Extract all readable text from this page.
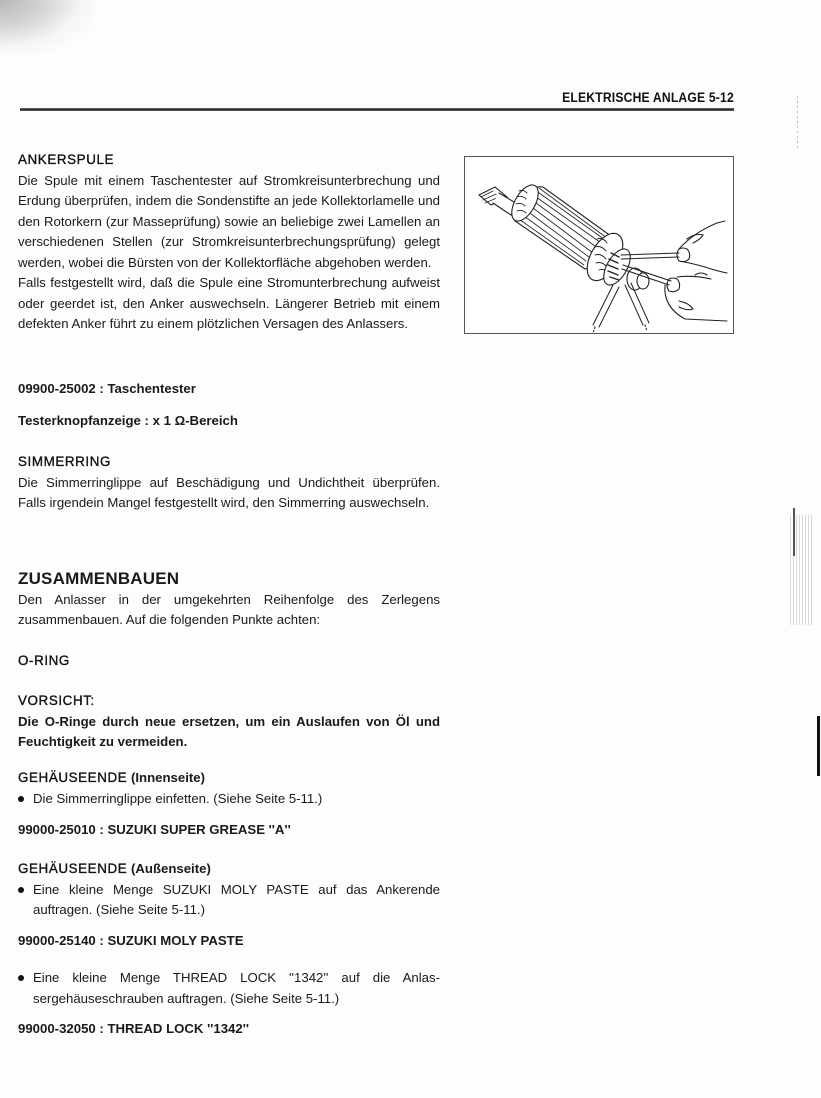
ELEKTRISCHE ANLAGE 5-12
ANKERSPULE
Die Spule mit einem Taschentester auf Stromkreisunterbrechung und Erdung überprüfen, indem die Sondenstifte an jede Kollektorlamelle und den Rotorkern (zur Masseprüfung) sowie an beliebige zwei Lamellen an verschiedenen Stellen (zur Stromkreisunterbrechungsprüfung) gelegt werden, wobei die Bürsten von der Kollektorfläche abgehoben werden.
Falls festgestellt wird, daß die Spule eine Stromunterbrechung aufweist oder geerdet ist, den Anker auswechseln. Längerer Betrieb mit einem defekten Anker führt zu einem plötzlichen Versagen des Anlassers.
09900-25002 : Taschentester
Testerknopfanzeige : x 1 Ω-Bereich
SIMMERRING
Die Simmerringlippe auf Beschädigung und Undichtheit überprüfen. Falls irgendein Mangel festgestellt wird, den Simmerring auswechseln.
ZUSAMMENBAUEN
Den Anlasser in der umgekehrten Reihenfolge des Zerlegens zusammenbauen. Auf die folgenden Punkte achten:
O-RING
VORSICHT:
Die O-Ringe durch neue ersetzen, um ein Auslaufen von Öl und Feuchtigkeit zu vermeiden.
GEHÄUSEENDE (Innenseite)
Die Simmerringlippe einfetten. (Siehe Seite 5-11.)
99000-25010 : SUZUKI SUPER GREASE ''A''
GEHÄUSEENDE (Außenseite)
Eine kleine Menge SUZUKI MOLY PASTE auf das Ankerende auftragen. (Siehe Seite 5-11.)
99000-25140 : SUZUKI MOLY PASTE
Eine kleine Menge THREAD LOCK ''1342'' auf die Anlassergehäuseschrauben auftragen. (Siehe Seite 5-11.)
99000-32050 : THREAD LOCK ''1342''
